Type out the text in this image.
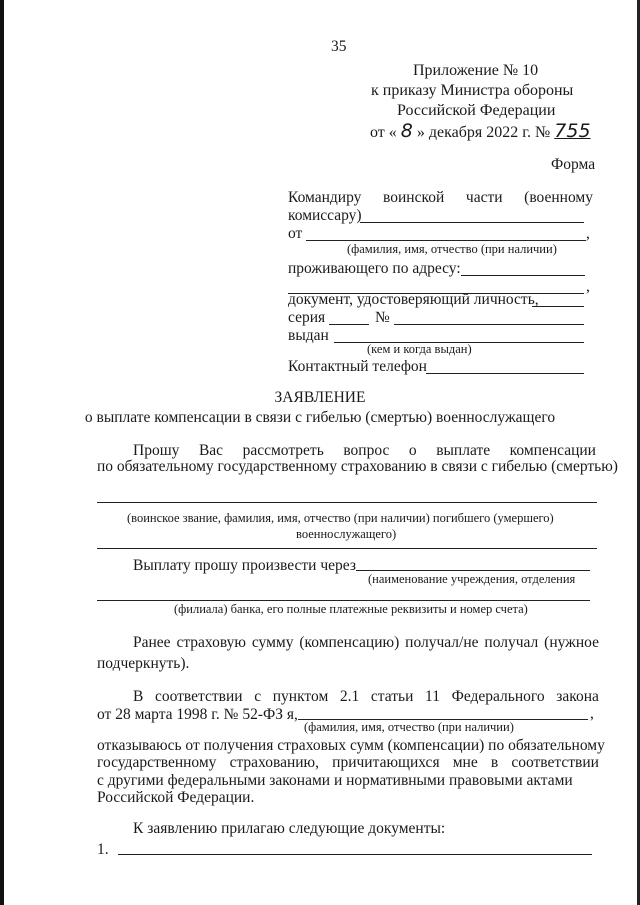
35
Приложение № 10
к приказу Министра обороны
Российской Федерации
от « 8 » декабря 2022 г. № 755
Форма
Командиру воинской части (военному
комиссару)
от	,
(фамилия, имя, отчество (при наличии)
проживающего по адресу:
,
документ, удостоверяющий личность,
серия	№
выдан
(кем и когда выдан)
Контактный телефон
ЗАЯВЛЕНИЕ
о выплате компенсации в связи с гибелью (смертью) военнослужащего
Прошу Вас рассмотреть вопрос о выплате компенсации
по обязательному государственному страхованию в связи с гибелью (смертью)
(воинское звание, фамилия, имя, отчество (при наличии) погибшего (умершего)
военнослужащего)
Выплату прошу произвести через
(наименование учреждения, отделения
(филиала) банка, его полные платежные реквизиты и номер счета)
Ранее страховую сумму (компенсацию) получал/не получал (нужное
подчеркнуть).
В соответствии с пунктом 2.1 статьи 11 Федерального закона
от 28 марта 1998 г. № 52-ФЗ я,	,
(фамилия, имя, отчество (при наличии)
отказываюсь от получения страховых сумм (компенсации) по обязательному
государственному страхованию, причитающихся мне в соответствии
с другими федеральными законами и нормативными правовыми актами
Российской Федерации.
К заявлению прилагаю следующие документы:
1.
